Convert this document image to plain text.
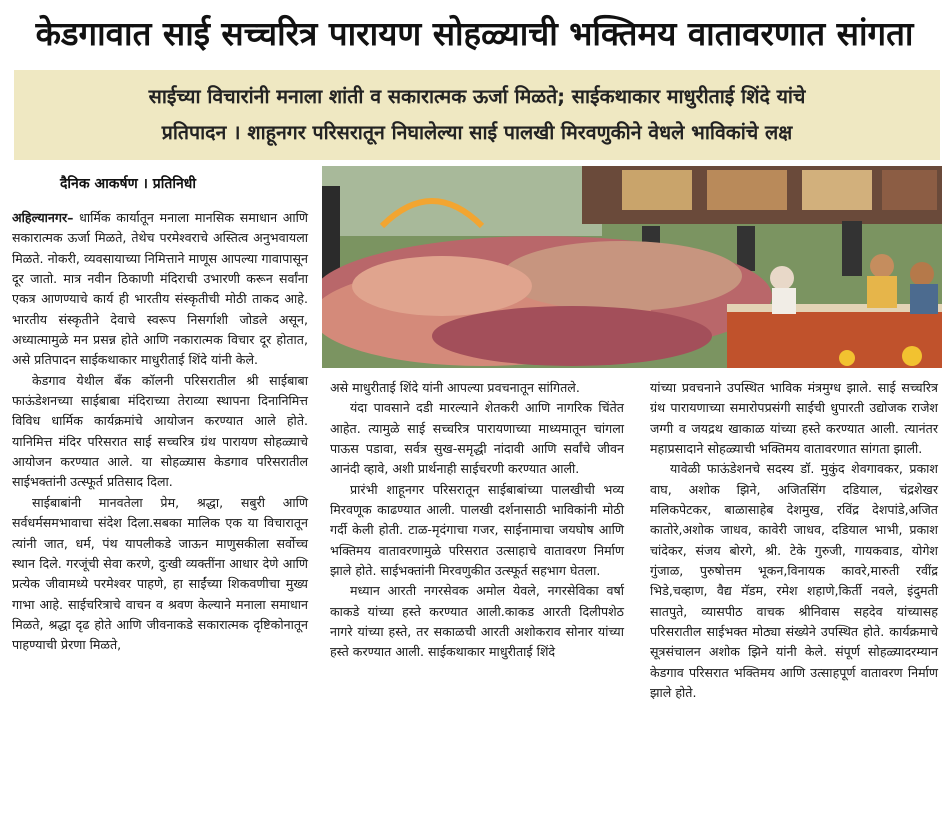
केडगावात साई सच्चरित्र पारायण सोहळ्याची भक्तिमय वातावरणात सांगता
साईच्या विचारांनी मनाला शांती व सकारात्मक ऊर्जा मिळते; साईकथाकार माधुरीताई शिंदे यांचे
प्रतिपादन । शाहूनगर परिसरातून निघालेल्या साई पालखी मिरवणुकीने वेधले भाविकांचे लक्ष
दैनिक आकर्षण । प्रतिनिधी

अहिल्यानगर– धार्मिक कार्यातून मनाला मानसिक समाधान आणि सकारात्मक ऊर्जा मिळते, तेथेच परमेश्वराचे अस्तित्व अनुभवायला मिळते. नोकरी, व्यवसायाच्या निमित्ताने माणूस आपल्या गावापासून दूर जातो. मात्र नवीन ठिकाणी मंदिराची उभारणी करून सर्वांना एकत्र आणण्याचे कार्य ही भारतीय संस्कृतीची मोठी ताकद आहे. भारतीय संस्कृतीने देवाचे स्वरूप निसर्गाशी जोडले असून, अध्यात्मामुळे मन प्रसन्न होते आणि नकारात्मक विचार दूर होतात, असे प्रतिपादन साईकथाकार माधुरीताई शिंदे यांनी केले.

केडगाव येथील बँक कॉलनी परिसरातील श्री साईबाबा फाऊंडेशनच्या साईबाबा मंदिराच्या तेराव्या स्थापना दिनानिमित्त विविध धार्मिक कार्यक्रमांचे आयोजन करण्यात आले होते. यानिमित्त मंदिर परिसरात साई सच्चरित्र ग्रंथ पारायण सोहळ्याचे आयोजन करण्यात आले. या सोहळ्यास केडगाव परिसरातील साईभक्तांनी उत्स्फूर्त प्रतिसाद दिला.

साईबाबांनी मानवतेला प्रेम, श्रद्धा, सबुरी आणि सर्वधर्मसमभावाचा संदेश दिला.सबका मालिक एक या विचारातून त्यांनी जात, धर्म, पंथ यापलीकडे जाऊन माणुसकीला सर्वोच्च स्थान दिले. गरजूंची सेवा करणे, दुःखी व्यक्तींना आधार देणे आणि प्रत्येक जीवामध्ये परमेश्वर पाहणे, हा साईंच्या शिकवणीचा मुख्य गाभा आहे. साईचरित्राचे वाचन व श्रवण केल्याने मनाला समाधान मिळते, श्रद्धा दृढ होते आणि जीवनाकडे सकारात्मक दृष्टिकोनातून पाहण्याची प्रेरणा मिळते,

असे माधुरीताई शिंदे यांनी आपल्या प्रवचनातून सांगितले.

यंदा पावसाने दडी मारल्याने शेतकरी आणि नागरिक चिंतेत आहेत. त्यामुळे साई सच्चरित्र पारायणाच्या माध्यमातून चांगला पाऊस पडावा, सर्वत्र सुख-समृद्धी नांदावी आणि सर्वांचे जीवन आनंदी व्हावे, अशी प्रार्थनाही साईचरणी करण्यात आली.

प्रारंभी शाहूनगर परिसरातून साईबाबांच्या पालखीची भव्य मिरवणूक काढण्यात आली. पालखी दर्शनासाठी भाविकांनी मोठी गर्दी केली होती. टाळ-मृदंगाचा गजर, साईनामाचा जयघोष आणि भक्तिमय वातावरणामुळे परिसरात उत्साहाचे वातावरण निर्माण झाले होते. साईभक्तांनी मिरवणुकीत उत्स्फूर्त सहभाग घेतला.

मध्यान आरती नगरसेवक अमोल येवले, नगरसेविका वर्षा काकडे यांच्या हस्ते करण्यात आली.काकड आरती दिलीपशेठ नागरे यांच्या हस्ते, तर सकाळची आरती अशोकराव सोनार यांच्या हस्ते करण्यात आली. साईकथाकार माधुरीताई शिंदे

यांच्या प्रवचनाने उपस्थित भाविक मंत्रमुग्ध झाले. साई सच्चरित्र ग्रंथ पारायणाच्या समारोपप्रसंगी साईची धुपारती उद्योजक राजेश जग्गी व जयद्रथ खाकाळ यांच्या हस्ते करण्यात आली. त्यानंतर महाप्रसादाने सोहळ्याची भक्तिमय वातावरणात सांगता झाली.

यावेळी फाऊंडेशनचे सदस्य डॉ. मुकुंद शेवगावकर, प्रकाश वाघ, अशोक झिने, अजितसिंग दडियाल, चंद्रशेखर मलिकपेटकर, बाळासाहेब देशमुख, रविंद्र देशपांडे,अजित कातोरे,अशोक जाधव, कावेरी जाधव, दडियाल भाभी, प्रकाश चांदेकर, संजय बोरगे, श्री. टेके गुरुजी, गायकवाड, योगेश गुंजाळ, पुरुषोत्तम भूकन,विनायक कावरे,मारुती रवींद्र भिडे,चव्हाण, वैद्य मॅडम, रमेश शहाणे,किर्ती नवले, इंदुमती सातपुते, व्यासपीठ वाचक श्रीनिवास सहदेव यांच्यासह परिसरातील साईभक्त मोठ्या संख्येने उपस्थित होते. कार्यक्रमाचे सूत्रसंचालन अशोक झिने यांनी केले. संपूर्ण सोहळ्यादरम्यान केडगाव परिसरात भक्तिमय आणि उत्साहपूर्ण वातावरण निर्माण झाले होते.
